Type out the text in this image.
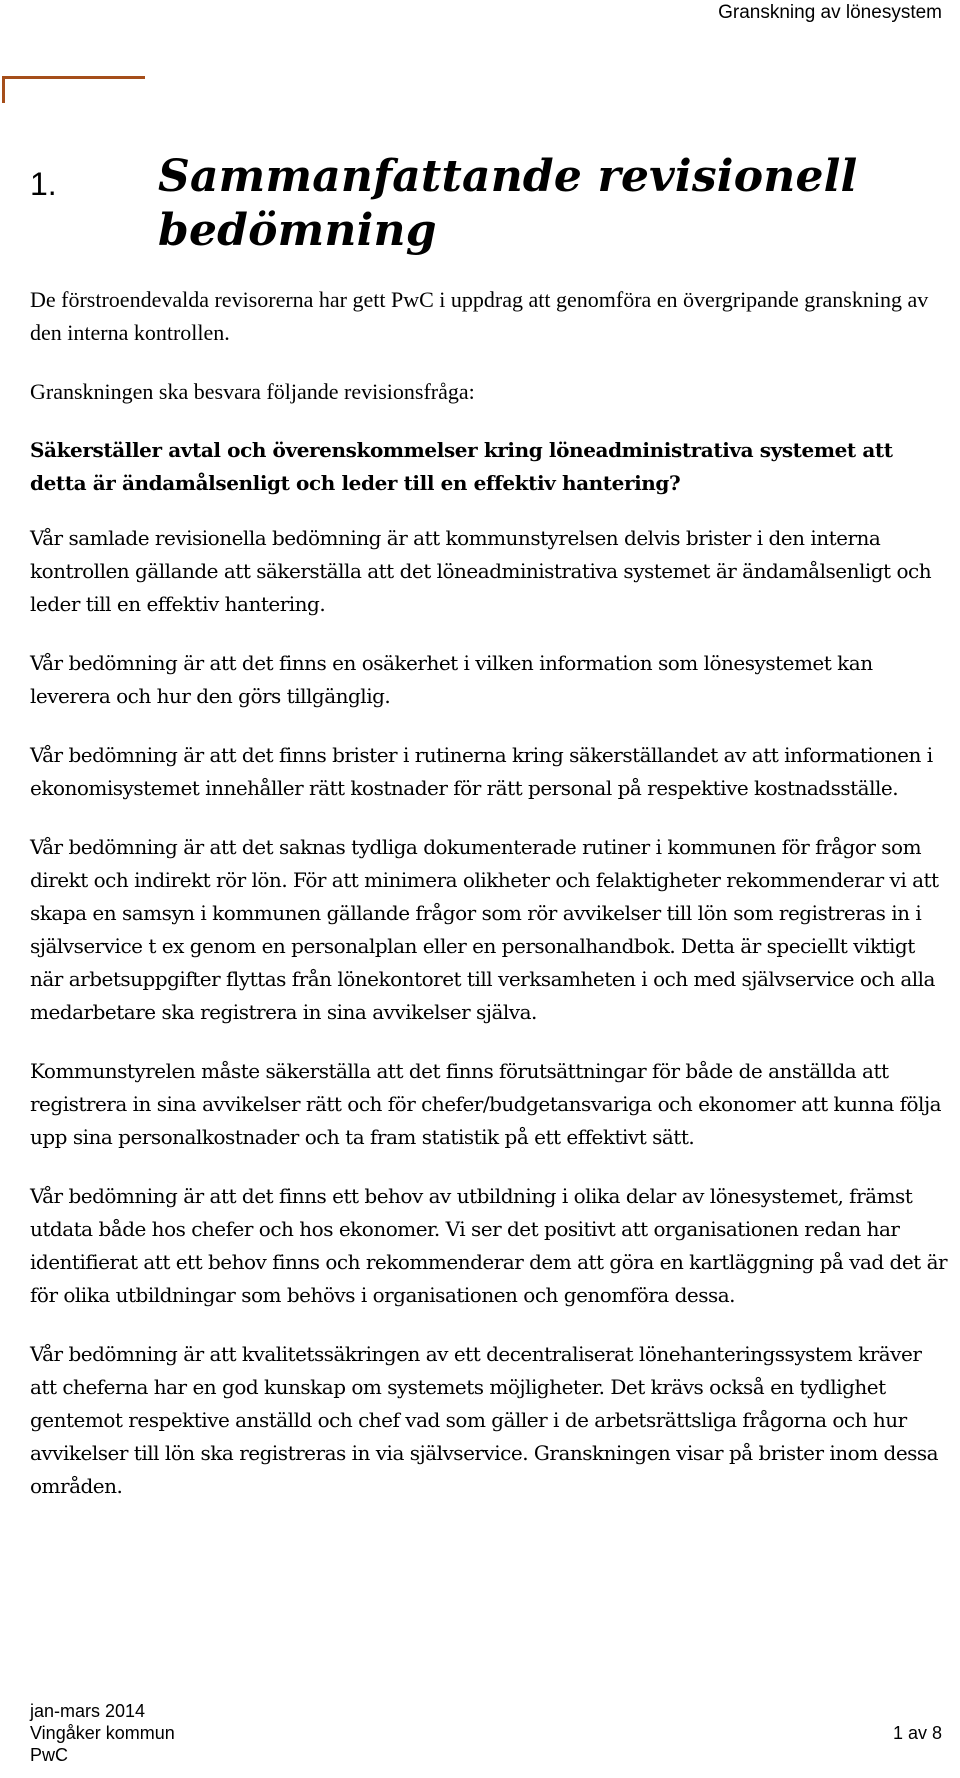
Granskning av lönesystem
1. Sammanfattande revisionell bedömning

De förstroendevalda revisorerna har gett PwC i uppdrag att genomföra en övergripande granskning av den interna kontrollen.

Granskningen ska besvara följande revisionsfråga:

Säkerställer avtal och överenskommelser kring löneadministrativa systemet att detta är ändamålsenligt och leder till en effektiv hantering?

Vår samlade revisionella bedömning är att kommunstyrelsen delvis brister i den interna kontrollen gällande att säkerställa att det löneadministrativa systemet är ändamålsenligt och leder till en effektiv hantering.

Vår bedömning är att det finns en osäkerhet i vilken information som lönesystemet kan leverera och hur den görs tillgänglig.

Vår bedömning är att det finns brister i rutinerna kring säkerställandet av att informationen i ekonomisystemet innehåller rätt kostnader för rätt personal på respektive kostnadsställe.

Vår bedömning är att det saknas tydliga dokumenterade rutiner i kommunen för frågor som direkt och indirekt rör lön. För att minimera olikheter och felaktigheter rekommenderar vi att skapa en samsyn i kommunen gällande frågor som rör avvikelser till lön som registreras in i självservice t ex genom en personalplan eller en personalhandbok. Detta är speciellt viktigt när arbetsuppgifter flyttas från lönekontoret till verksamheten i och med självservice och alla medarbetare ska registrera in sina avvikelser själva.

Kommunstyrelen måste säkerställa att det finns förutsättningar för både de anställda att registrera in sina avvikelser rätt och för chefer/budgetansvariga och ekonomer att kunna följa upp sina personalkostnader och ta fram statistik på ett effektivt sätt.

Vår bedömning är att det finns ett behov av utbildning i olika delar av lönesystemet, främst utdata både hos chefer och hos ekonomer. Vi ser det positivt att organisationen redan har identifierat att ett behov finns och rekommenderar dem att göra en kartläggning på vad det är för olika utbildningar som behövs i organisationen och genomföra dessa.

Vår bedömning är att kvalitetssäkringen av ett decentraliserat lönehanteringssystem kräver att cheferna har en god kunskap om systemets möjligheter. Det krävs också en tydlighet gentemot respektive anställd och chef vad som gäller i de arbetsrättsliga frågorna och hur avvikelser till lön ska registreras in via självservice. Granskningen visar på brister inom dessa områden.

jan-mars 2014
Vingåker kommun
PwC
1 av 8
